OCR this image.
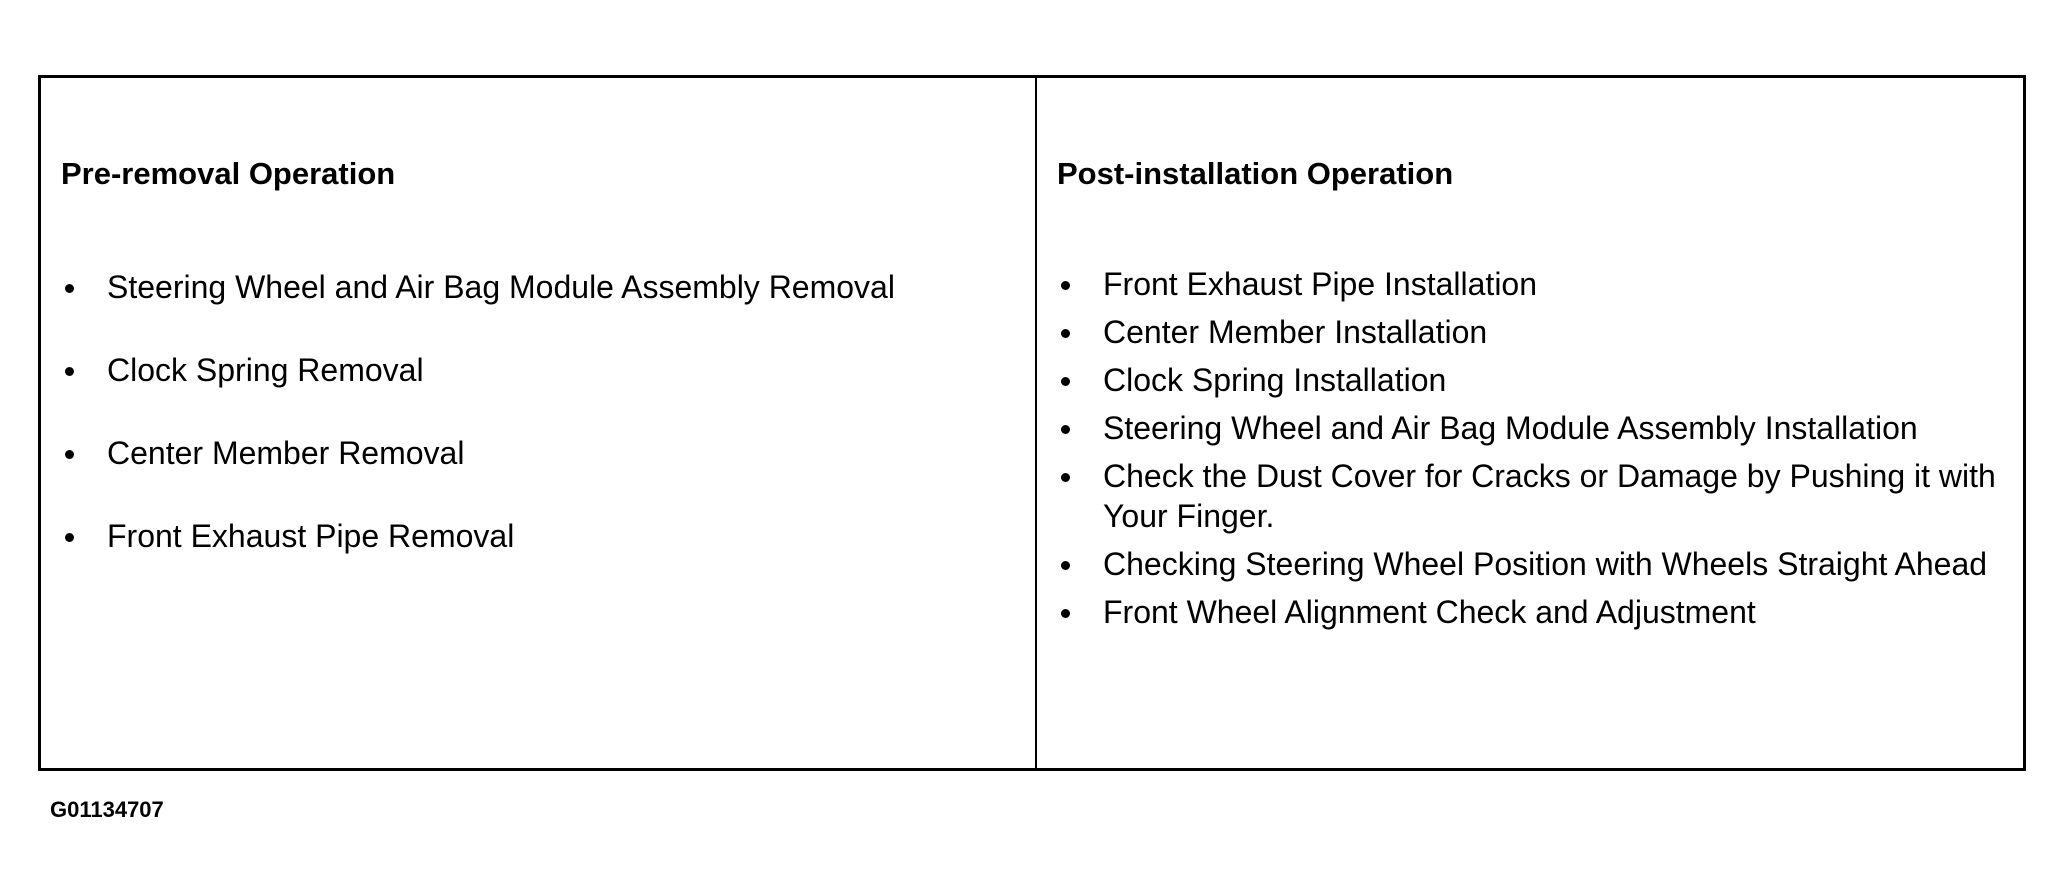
Pre-removal Operation
Steering Wheel and Air Bag Module Assembly Removal
Clock Spring Removal
Center Member Removal
Front Exhaust Pipe Removal
Post-installation Operation
Front Exhaust Pipe Installation
Center Member Installation
Clock Spring Installation
Steering Wheel and Air Bag Module Assembly Installation
Check the Dust Cover for Cracks or Damage by Pushing it with Your Finger.
Checking Steering Wheel Position with Wheels Straight Ahead
Front Wheel Alignment Check and Adjustment
G01134707
